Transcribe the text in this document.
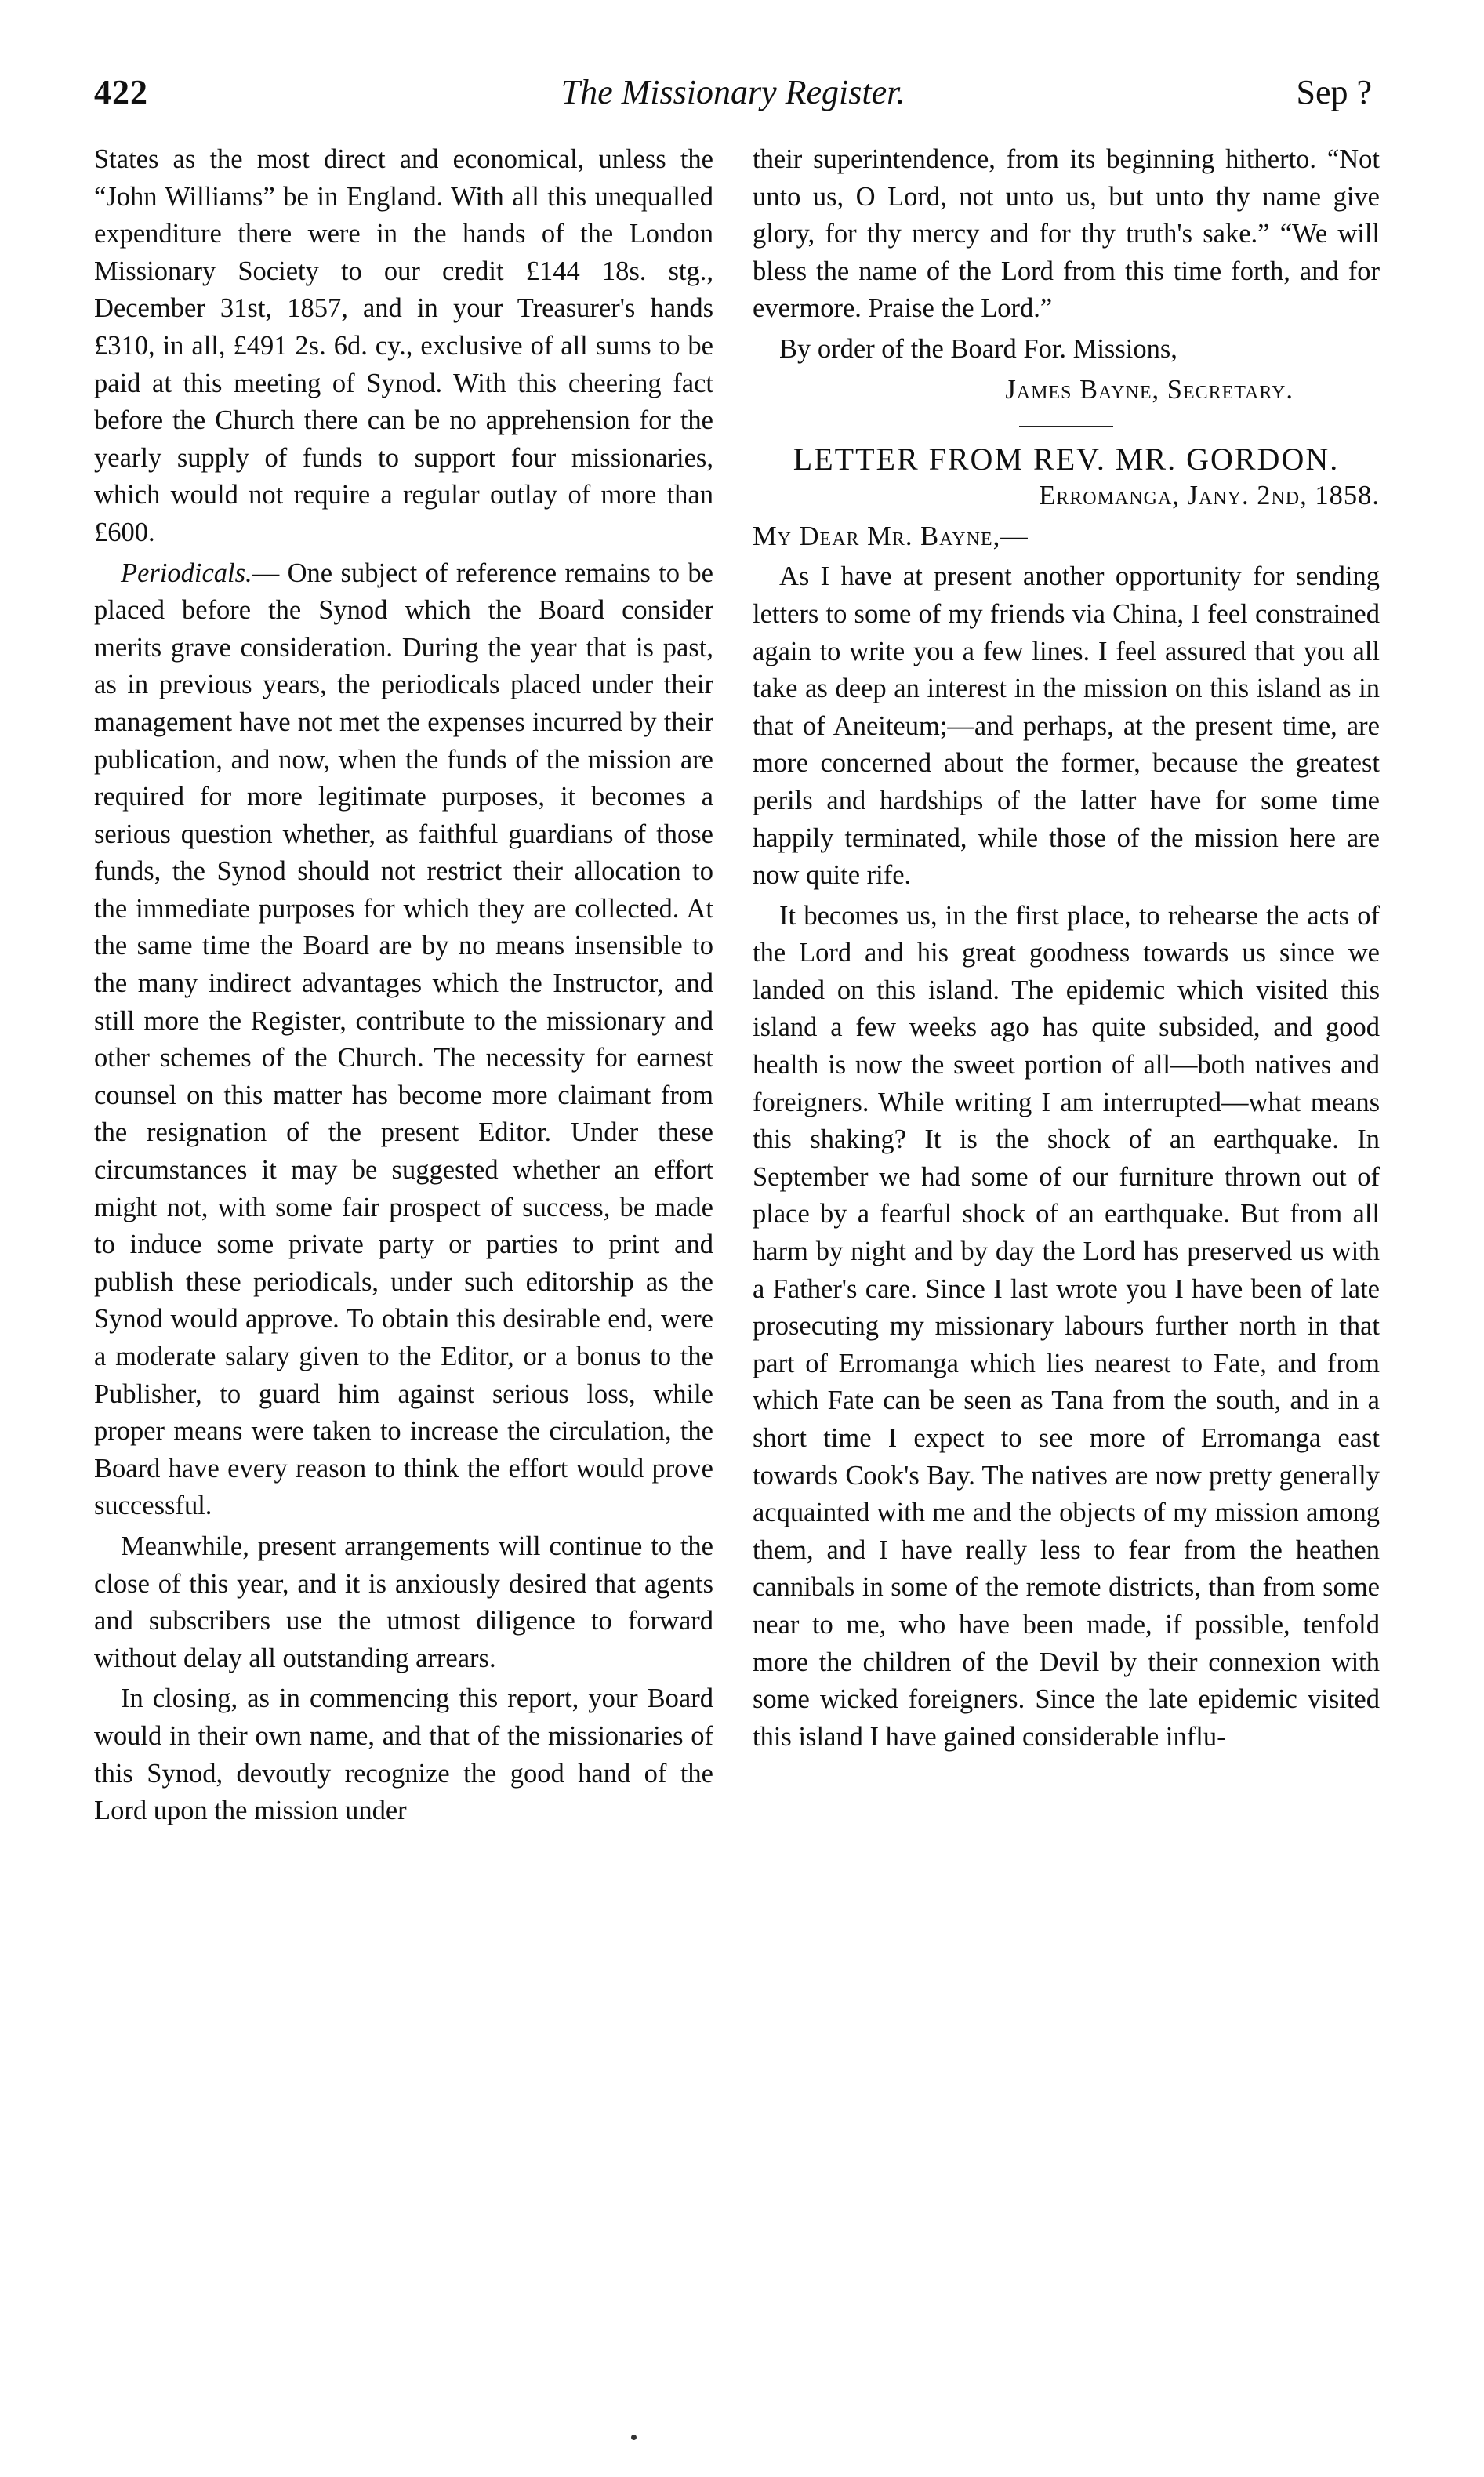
422	The Missionary Register.	Sep ?

States as the most direct and economical, unless the “John Williams” be in England. With all this unequalled expenditure there were in the hands of the London Missionary Society to our credit £144 18s. stg., December 31st, 1857, and in your Treasurer's hands £310, in all, £491 2s. 6d. cy., exclusive of all sums to be paid at this meeting of Synod. With this cheering fact before the Church there can be no apprehension for the yearly supply of funds to support four missionaries, which would not require a regular outlay of more than £600.

Periodicals.— One subject of reference remains to be placed before the Synod which the Board consider merits grave consideration. During the year that is past, as in previous years, the periodicals placed under their management have not met the expenses incurred by their publication, and now, when the funds of the mission are required for more legitimate purposes, it becomes a serious question whether, as faithful guardians of those funds, the Synod should not restrict their allocation to the immediate purposes for which they are collected. At the same time the Board are by no means insensible to the many indirect advantages which the Instructor, and still more the Register, contribute to the missionary and other schemes of the Church. The necessity for earnest counsel on this matter has become more claimant from the resignation of the present Editor. Under these circumstances it may be suggested whether an effort might not, with some fair prospect of success, be made to induce some private party or parties to print and publish these periodicals, under such editorship as the Synod would approve. To obtain this desirable end, were a moderate salary given to the Editor, or a bonus to the Publisher, to guard him against serious loss, while proper means were taken to increase the circulation, the Board have every reason to think the effort would prove successful.

Meanwhile, present arrangements will continue to the close of this year, and it is anxiously desired that agents and subscribers use the utmost diligence to forward without delay all outstanding arrears.

In closing, as in commencing this report, your Board would in their own name, and that of the missionaries of this Synod, devoutly recognize the good hand of the Lord upon the mission under

their superintendence, from its beginning hitherto. “Not unto us, O Lord, not unto us, but unto thy name give glory, for thy mercy and for thy truth's sake.” “We will bless the name of the Lord from this time forth, and for evermore. Praise the Lord.”

By order of the Board For. Missions,

James Bayne, Secretary.

LETTER FROM REV. MR. GORDON.

Erromanga, Jany. 2nd, 1858.

My Dear Mr. Bayne,—

As I have at present another opportunity for sending letters to some of my friends via China, I feel constrained again to write you a few lines. I feel assured that you all take as deep an interest in the mission on this island as in that of Aneiteum;—and perhaps, at the present time, are more concerned about the former, because the greatest perils and hardships of the latter have for some time happily terminated, while those of the mission here are now quite rife.

It becomes us, in the first place, to rehearse the acts of the Lord and his great goodness towards us since we landed on this island. The epidemic which visited this island a few weeks ago has quite subsided, and good health is now the sweet portion of all—both natives and foreigners. While writing I am interrupted—what means this shaking? It is the shock of an earthquake. In September we had some of our furniture thrown out of place by a fearful shock of an earthquake. But from all harm by night and by day the Lord has preserved us with a Father's care. Since I last wrote you I have been of late prosecuting my missionary labours further north in that part of Erromanga which lies nearest to Fate, and from which Fate can be seen as Tana from the south, and in a short time I expect to see more of Erromanga east towards Cook's Bay. The natives are now pretty generally acquainted with me and the objects of my mission among them, and I have really less to fear from the heathen cannibals in some of the remote districts, than from some near to me, who have been made, if possible, tenfold more the children of the Devil by their connexion with some wicked foreigners. Since the late epidemic visited this island I have gained considerable influ-
